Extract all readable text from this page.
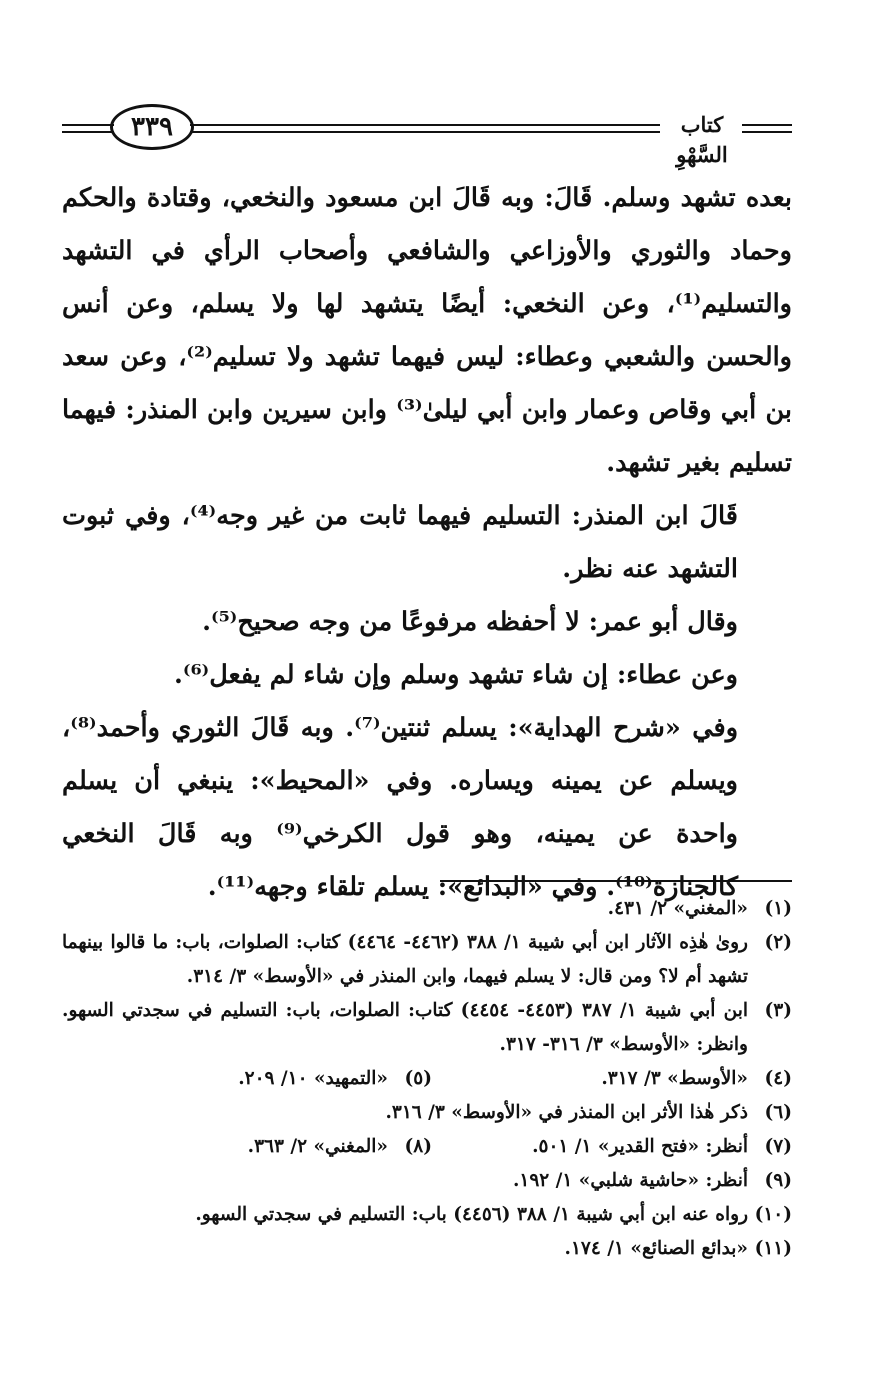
٣٣٩	كتاب السَّهْوِ

بعده تشهد وسلم. قَالَ: وبه قَالَ ابن مسعود والنخعي، وقتادة والحكم وحماد والثوري والأوزاعي والشافعي وأصحاب الرأي في التشهد والتسليم⁽¹⁾، وعن النخعي: أيضًا يتشهد لها ولا يسلم، وعن أنس والحسن والشعبي وعطاء: ليس فيهما تشهد ولا تسليم⁽²⁾، وعن سعد بن أبي وقاص وعمار وابن أبي ليلىٰ⁽³⁾ وابن سيرين وابن المنذر: فيهما تسليم بغير تشهد.

قَالَ ابن المنذر: التسليم فيهما ثابت من غير وجه⁽⁴⁾، وفي ثبوت التشهد عنه نظر.

وقال أبو عمر: لا أحفظه مرفوعًا من وجه صحيح⁽⁵⁾.

وعن عطاء: إن شاء تشهد وسلم وإن شاء لم يفعل⁽⁶⁾.

وفي «شرح الهداية»: يسلم ثنتين⁽⁷⁾. وبه قَالَ الثوري وأحمد⁽⁸⁾، ويسلم عن يمينه ويساره. وفي «المحيط»: ينبغي أن يسلم واحدة عن يمينه، وهو قول الكرخي⁽⁹⁾ وبه قَالَ النخعي كالجنازة⁽¹⁰⁾. وفي «البدائع»: يسلم تلقاء وجهه⁽¹¹⁾.

(١)
«المغني» ٢/ ٤٣١.
(٢)
روىٰ هٰذِه الآثار ابن أبي شيبة ١/ ٣٨٨ (٤٤٦٢- ٤٤٦٤) كتاب: الصلوات، باب: ما قالوا بينهما تشهد أم لا؟ ومن قال: لا يسلم فيهما، وابن المنذر في «الأوسط» ٣/ ٣١٤.
(٣)
ابن أبي شيبة ١/ ٣٨٧ (٤٤٥٣- ٤٤٥٤) كتاب: الصلوات، باب: التسليم في سجدتي السهو. وانظر: «الأوسط» ٣/ ٣١٦- ٣١٧.
(٤)
«الأوسط» ٣/ ٣١٧.
(٥)
«التمهيد» ١٠/ ٢٠٩.
(٦)
ذكر هٰذا الأثر ابن المنذر في «الأوسط» ٣/ ٣١٦.
(٧)
أنظر: «فتح القدير» ١/ ٥٠١.
(٨)
«المغني» ٢/ ٣٦٣.
(٩)
أنظر: «حاشية شلبي» ١/ ١٩٢.
(١٠)
رواه عنه ابن أبي شيبة ١/ ٣٨٨ (٤٤٥٦) باب: التسليم في سجدتي السهو.
(١١)
«بدائع الصنائع» ١/ ١٧٤.
